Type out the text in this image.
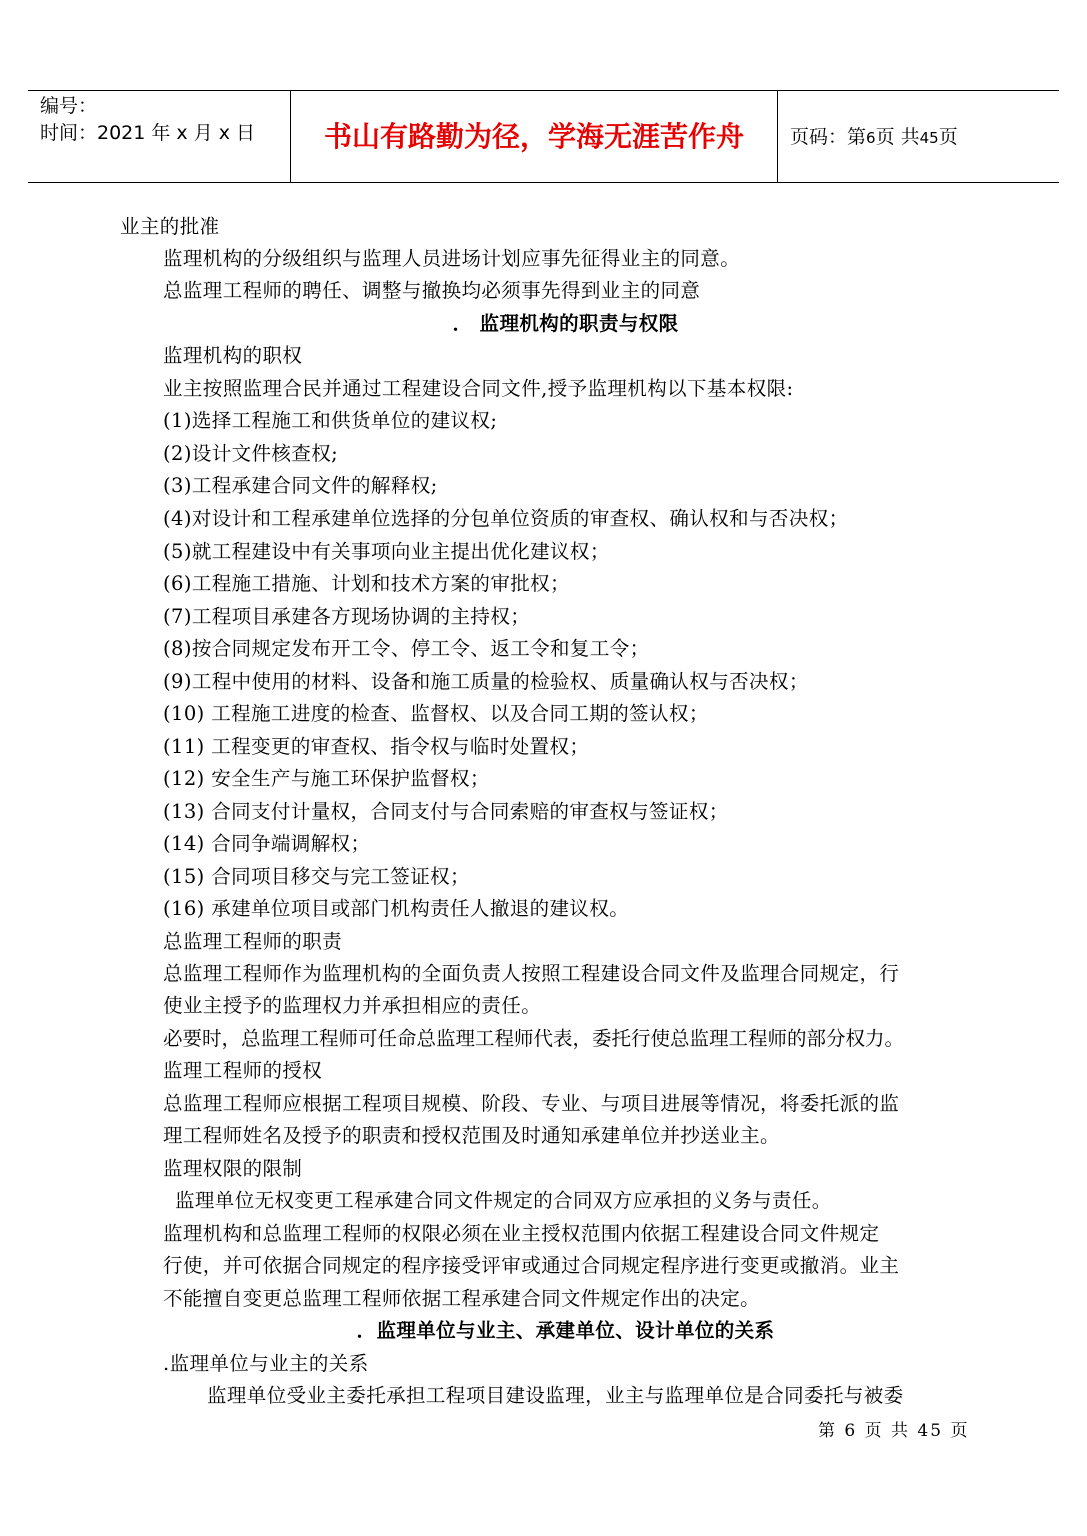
编号：
时间：2021 年 x 月 x 日	书山有路勤为径，学海无涯苦作舟	页码：第6页 共45页
业主的批准
监理机构的分级组织与监理人员进场计划应事先征得业主的同意。
总监理工程师的聘任、调整与撤换均必须事先得到业主的同意
． 监理机构的职责与权限
监理机构的职权
业主按照监理合民并通过工程建设合同文件,授予监理机构以下基本权限:
(1)选择工程施工和供货单位的建议权;
(2)设计文件核查权;
(3)工程承建合同文件的解释权;
(4)对设计和工程承建单位选择的分包单位资质的审查权、确认权和与否决权；
(5)就工程建设中有关事项向业主提出优化建议权；
(6)工程施工措施、计划和技术方案的审批权；
(7)工程项目承建各方现场协调的主持权；
(8)按合同规定发布开工令、停工令、返工令和复工令；
(9)工程中使用的材料、设备和施工质量的检验权、质量确认权与否决权；
(10) 工程施工进度的检查、监督权、以及合同工期的签认权；
(11) 工程变更的审查权、指令权与临时处置权；
(12) 安全生产与施工环保护监督权；
(13) 合同支付计量权，合同支付与合同索赔的审查权与签证权；
(14) 合同争端调解权；
(15) 合同项目移交与完工签证权；
(16) 承建单位项目或部门机构责任人撤退的建议权。
总监理工程师的职责
总监理工程师作为监理机构的全面负责人按照工程建设合同文件及监理合同规定，行
使业主授予的监理权力并承担相应的责任。
必要时，总监理工程师可任命总监理工程师代表，委托行使总监理工程师的部分权力。
监理工程师的授权
总监理工程师应根据工程项目规模、阶段、专业、与项目进展等情况，将委托派的监
理工程师姓名及授予的职责和授权范围及时通知承建单位并抄送业主。
监理权限的限制
监理单位无权变更工程承建合同文件规定的合同双方应承担的义务与责任。
监理机构和总监理工程师的权限必须在业主授权范围内依据工程建设合同文件规定
行使，并可依据合同规定的程序接受评审或通过合同规定程序进行变更或撤消。业主
不能擅自变更总监理工程师依据工程承建合同文件规定作出的决定。
．监理单位与业主、承建单位、设计单位的关系
.监理单位与业主的关系
监理单位受业主委托承担工程项目建设监理，业主与监理单位是合同委托与被委
第 6 页 共 45 页
